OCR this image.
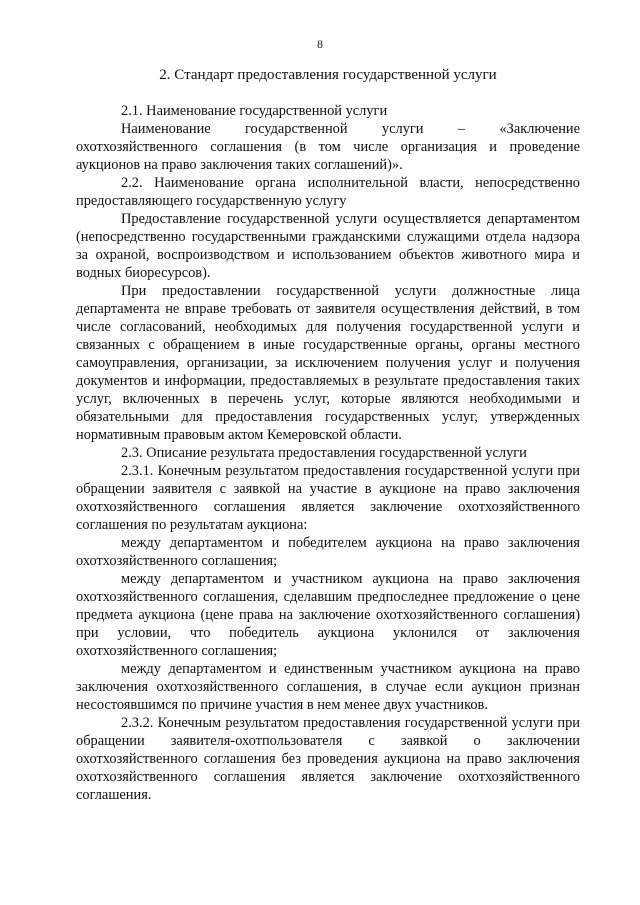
8
2. Стандарт предоставления государственной услуги

2.1. Наименование государственной услуги

Наименование государственной услуги – «Заключение охотхозяйственного соглашения (в том числе организация и проведение аукционов на право заключения таких соглашений)».

2.2. Наименование органа исполнительной власти, непосредственно предоставляющего государственную услугу

Предоставление государственной услуги осуществляется департаментом (непосредственно государственными гражданскими служащими отдела надзора за охраной, воспроизводством и использованием объектов животного мира и водных биоресурсов).

При предоставлении государственной услуги должностные лица департамента не вправе требовать от заявителя осуществления действий, в том числе согласований, необходимых для получения государственной услуги и связанных с обращением в иные государственные органы, органы местного самоуправления, организации, за исключением получения услуг и получения документов и информации, предоставляемых в результате предоставления таких услуг, включенных в перечень услуг, которые являются необходимыми и обязательными для предоставления государственных услуг, утвержденных нормативным правовым актом Кемеровской области.

2.3. Описание результата предоставления государственной услуги

2.3.1. Конечным результатом предоставления государственной услуги при обращении заявителя с заявкой на участие в аукционе на право заключения охотхозяйственного соглашения является заключение охотхозяйственного соглашения по результатам аукциона:

между департаментом и победителем аукциона на право заключения охотхозяйственного соглашения;

между департаментом и участником аукциона на право заключения охотхозяйственного соглашения, сделавшим предпоследнее предложение о цене предмета аукциона (цене права на заключение охотхозяйственного соглашения) при условии, что победитель аукциона уклонился от заключения охотхозяйственного соглашения;

между департаментом и единственным участником аукциона на право заключения охотхозяйственного соглашения, в случае если аукцион признан несостоявшимся по причине участия в нем менее двух участников.

2.3.2. Конечным результатом предоставления государственной услуги при обращении заявителя-охотпользователя с заявкой о заключении охотхозяйственного соглашения без проведения аукциона на право заключения охотхозяйственного соглашения является заключение охотхозяйственного соглашения.
